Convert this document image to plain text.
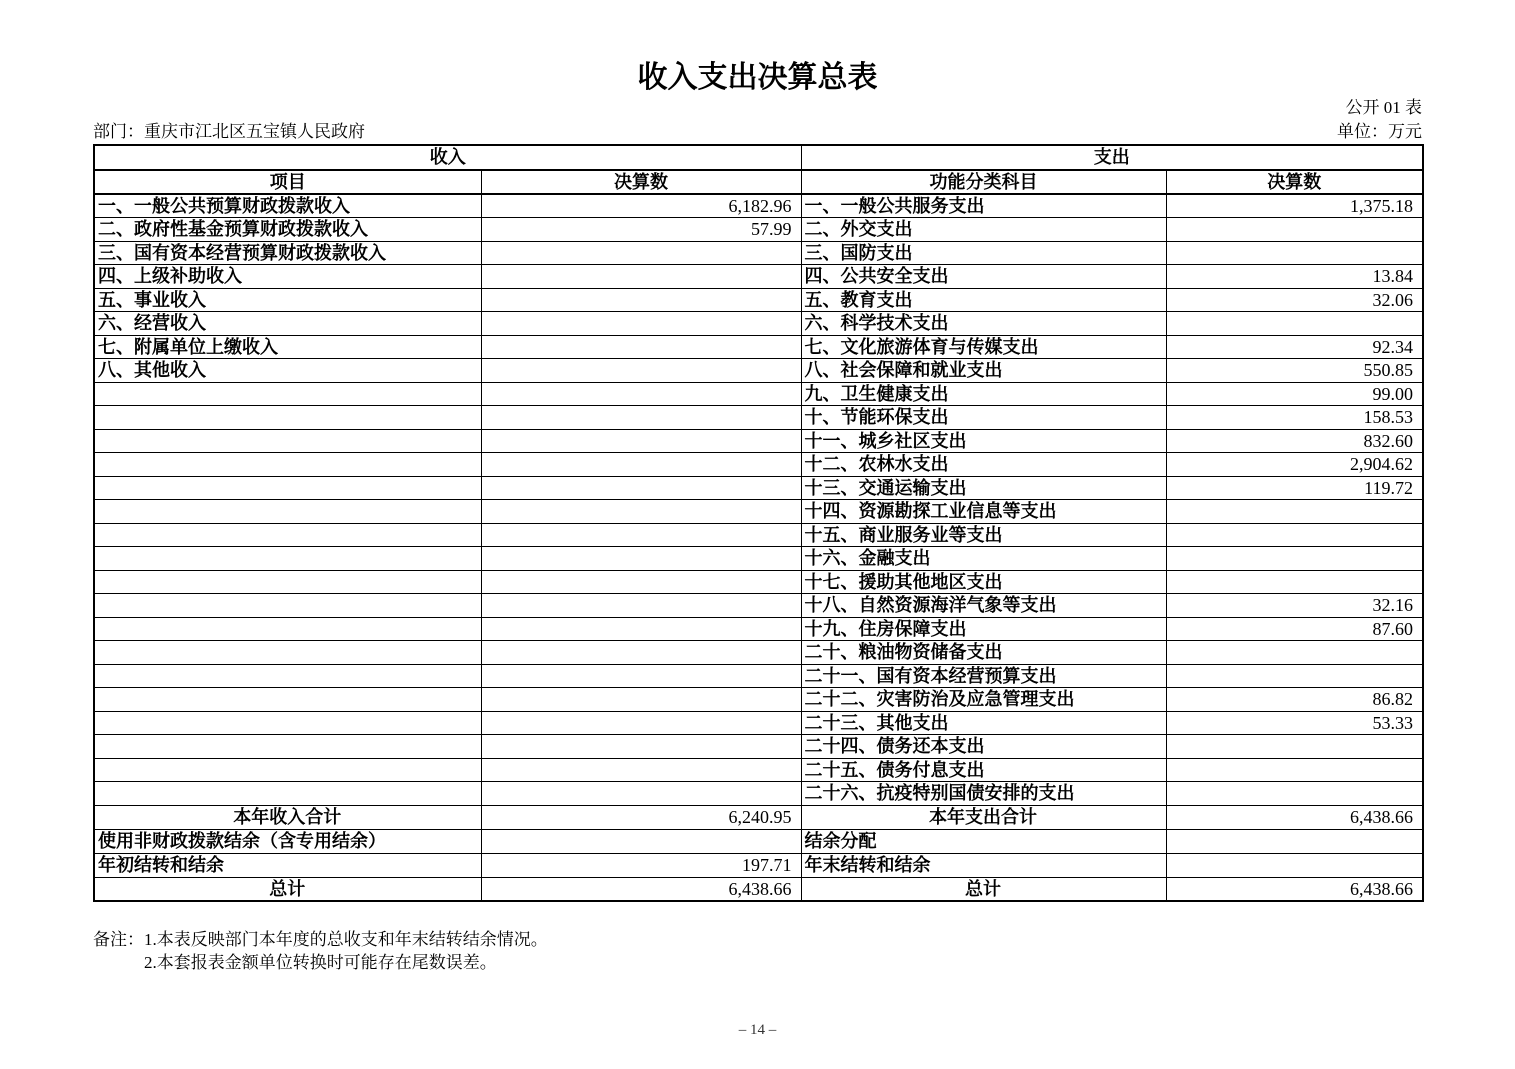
收入支出决算总表
公开 01 表
部门：重庆市江北区五宝镇人民政府	单位：万元
收入		支出	
项目	决算数	功能分类科目	决算数
一、一般公共预算财政拨款收入	6,182.96	一、一般公共服务支出	1,375.18
二、政府性基金预算财政拨款收入	57.99	二、外交支出	
三、国有资本经营预算财政拨款收入		三、国防支出	
四、上级补助收入		四、公共安全支出	13.84
五、事业收入		五、教育支出	32.06
六、经营收入		六、科学技术支出	
七、附属单位上缴收入		七、文化旅游体育与传媒支出	92.34
八、其他收入		八、社会保障和就业支出	550.85
		九、卫生健康支出	99.00
		十、节能环保支出	158.53
		十一、城乡社区支出	832.60
		十二、农林水支出	2,904.62
		十三、交通运输支出	119.72
		十四、资源勘探工业信息等支出	
		十五、商业服务业等支出	
		十六、金融支出	
		十七、援助其他地区支出	
		十八、自然资源海洋气象等支出	32.16
		十九、住房保障支出	87.60
		二十、粮油物资储备支出	
		二十一、国有资本经营预算支出	
		二十二、灾害防治及应急管理支出	86.82
		二十三、其他支出	53.33
		二十四、债务还本支出	
		二十五、债务付息支出	
		二十六、抗疫特别国债安排的支出	
本年收入合计	6,240.95	本年支出合计	6,438.66
使用非财政拨款结余（含专用结余）		结余分配	
年初结转和结余	197.71	年末结转和结余	
总计	6,438.66	总计	6,438.66
备注： 1.本表反映部门本年度的总收支和年末结转结余情况。
2.本套报表金额单位转换时可能存在尾数误差。
– 14 –
